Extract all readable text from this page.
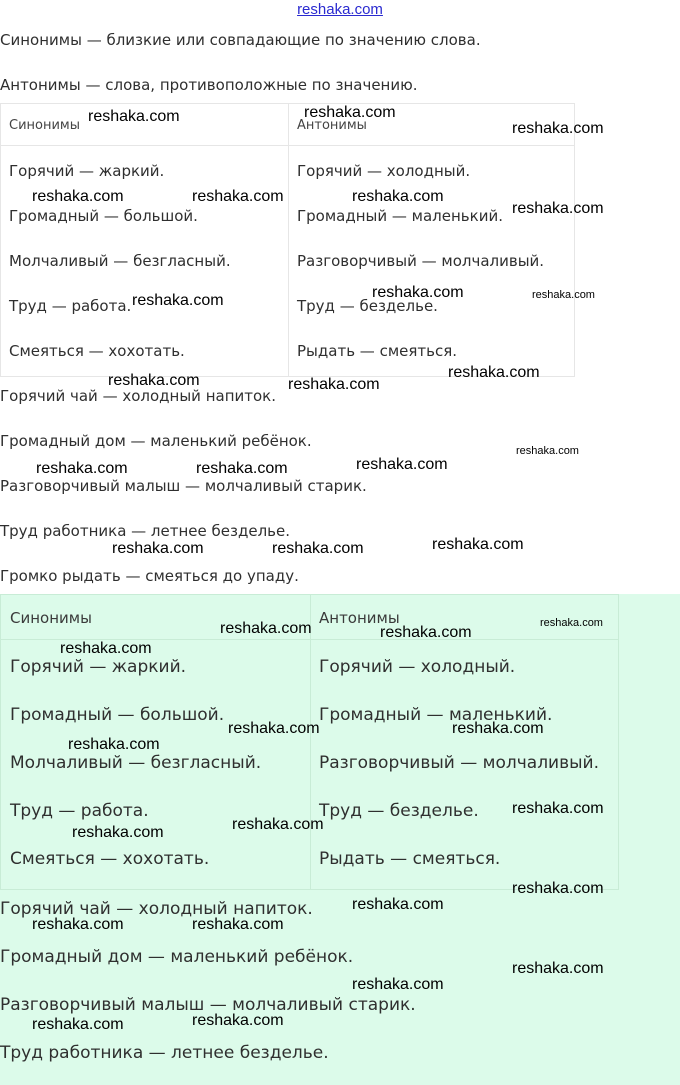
reshaka.com
Синонимы — близкие или совпадающие по значению слова.
Антонимы — слова, противоположные по значению.
Синонимы	Антонимы
Горячий — жаркий.	Горячий — холодный.
Громадный — большой.	Громадный — маленький.
Молчаливый — безгласный.	Разговорчивый — молчаливый.
Труд — работа.	Труд — безделье.
Смеяться — хохотать.	Рыдать — смеяться.
Горячий чай — холодный напиток.
Громадный дом — маленький ребёнок.
Разговорчивый малыш — молчаливый старик.
Труд работника — летнее безделье.
Громко рыдать — смеяться до упаду.
Синонимы	Антонимы
Горячий — жаркий.	Горячий — холодный.
Громадный — большой.	Громадный — маленький.
Молчаливый — безгласный.	Разговорчивый — молчаливый.
Труд — работа.	Труд — безделье.
Смеяться — хохотать.	Рыдать — смеяться.
Горячий чай — холодный напиток.
Громадный дом — маленький ребёнок.
Разговорчивый малыш — молчаливый старик.
Труд работника — летнее безделье.
reshaka.com	reshaka.com
reshaka.com
reshaka.com	reshaka.com	reshaka.com
reshaka.com
reshaka.com	reshaka.com	reshaka.com
reshaka.com	reshaka.com
reshaka.com
reshaka.com
reshaka.com	reshaka.com	reshaka.com
reshaka.com	reshaka.com	reshaka.com
reshaka.com	reshaka.com
reshaka.com
reshaka.com
reshaka.com	reshaka.com
reshaka.com
reshaka.com
reshaka.com
reshaka.com
reshaka.com
reshaka.com
reshaka.com	reshaka.com
reshaka.com
reshaka.com
reshaka.com	reshaka.com
